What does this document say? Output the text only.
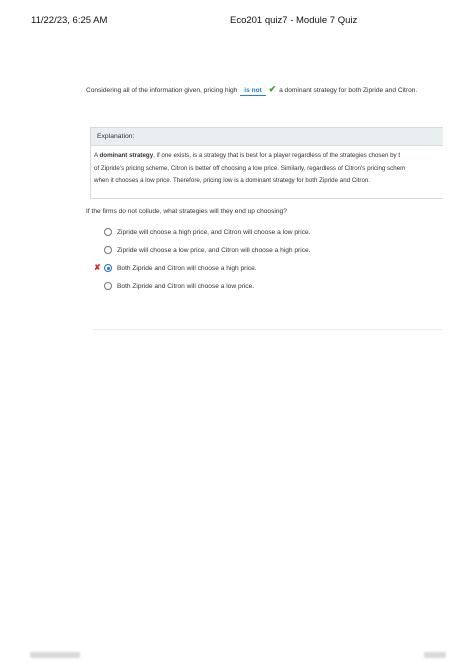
11/22/23, 6:25 AM	Eco201 quiz7 - Module 7 Quiz
Considering all of the information given, pricing high is not ✔ a dominant strategy for both Zipride and Citron.
Explanation:
A dominant strategy, if one exists, is a strategy that is best for a player regardless of the strategies chosen by t
of Zipride's pricing scheme, Citron is better off choosing a low price. Similarly, regardless of Citron's pricing schem
when it chooses a low price. Therefore, pricing low is a dominant strategy for both Zipride and Citron.
If the firms do not collude, what strategies will they end up choosing?
Zipride will choose a high price, and Citron will choose a low price.
Zipride will choose a low price, and Citron will choose a high price.
✘ Both Zipride and Citron will choose a high price.
Both Zipride and Citron will choose a low price.
